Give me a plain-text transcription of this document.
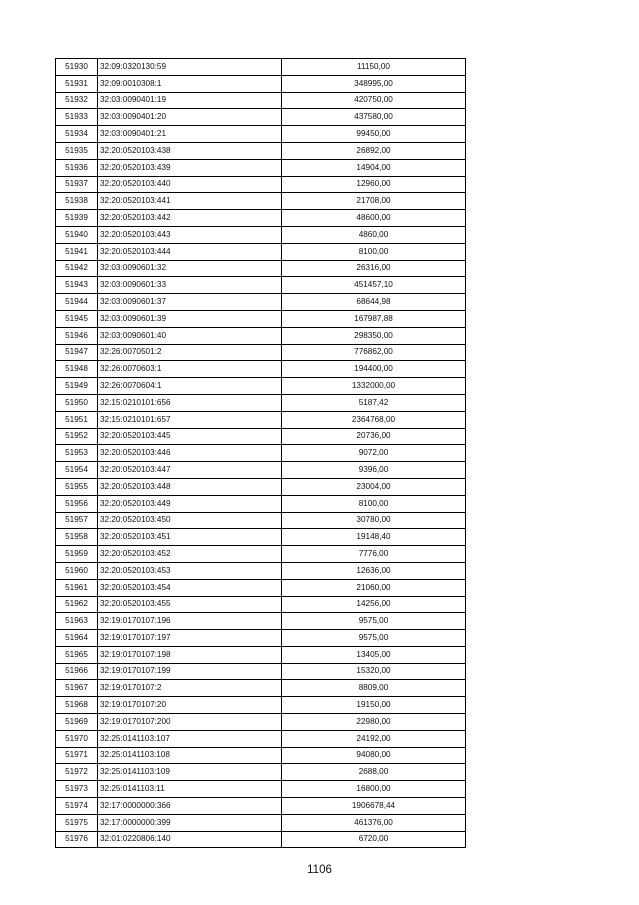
51930	32:09:0320130:59	11150,00
51931	32:09:0010308:1	348995,00
51932	32:03:0090401:19	420750,00
51933	32:03:0090401:20	437580,00
51934	32:03:0090401:21	99450,00
51935	32:20:0520103:438	26892,00
51936	32:20:0520103:439	14904,00
51937	32:20:0520103:440	12960,00
51938	32:20:0520103:441	21708,00
51939	32:20:0520103:442	48600,00
51940	32:20:0520103:443	4860,00
51941	32:20:0520103:444	8100,00
51942	32:03:0090601:32	26316,00
51943	32:03:0090601:33	451457,10
51944	32:03:0090601:37	68644,98
51945	32:03:0090601:39	167987,88
51946	32:03:0090601:40	298350,00
51947	32:26:0070501:2	776862,00
51948	32:26:0070603:1	194400,00
51949	32:26:0070604:1	1332000,00
51950	32:15:0210101:656	5187,42
51951	32:15:0210101:657	2364768,00
51952	32:20:0520103:445	20736,00
51953	32:20:0520103:446	9072,00
51954	32:20:0520103:447	9396,00
51955	32:20:0520103:448	23004,00
51956	32:20:0520103:449	8100,00
51957	32:20:0520103:450	30780,00
51958	32:20:0520103:451	19148,40
51959	32:20:0520103:452	7776,00
51960	32:20:0520103:453	12636,00
51961	32:20:0520103:454	21060,00
51962	32:20:0520103:455	14256,00
51963	32:19:0170107:196	9575,00
51964	32:19:0170107:197	9575,00
51965	32:19:0170107:198	13405,00
51966	32:19:0170107:199	15320,00
51967	32:19:0170107:2	8809,00
51968	32:19:0170107:20	19150,00
51969	32:19:0170107:200	22980,00
51970	32:25:0141103:107	24192,00
51971	32:25:0141103:108	94080,00
51972	32:25:0141103:109	2688,00
51973	32:25:0141103:11	16800,00
51974	32:17:0000000:366	1906678,44
51975	32:17:0000000:399	461376,00
51976	32:01:0220806:140	6720,00
1106
